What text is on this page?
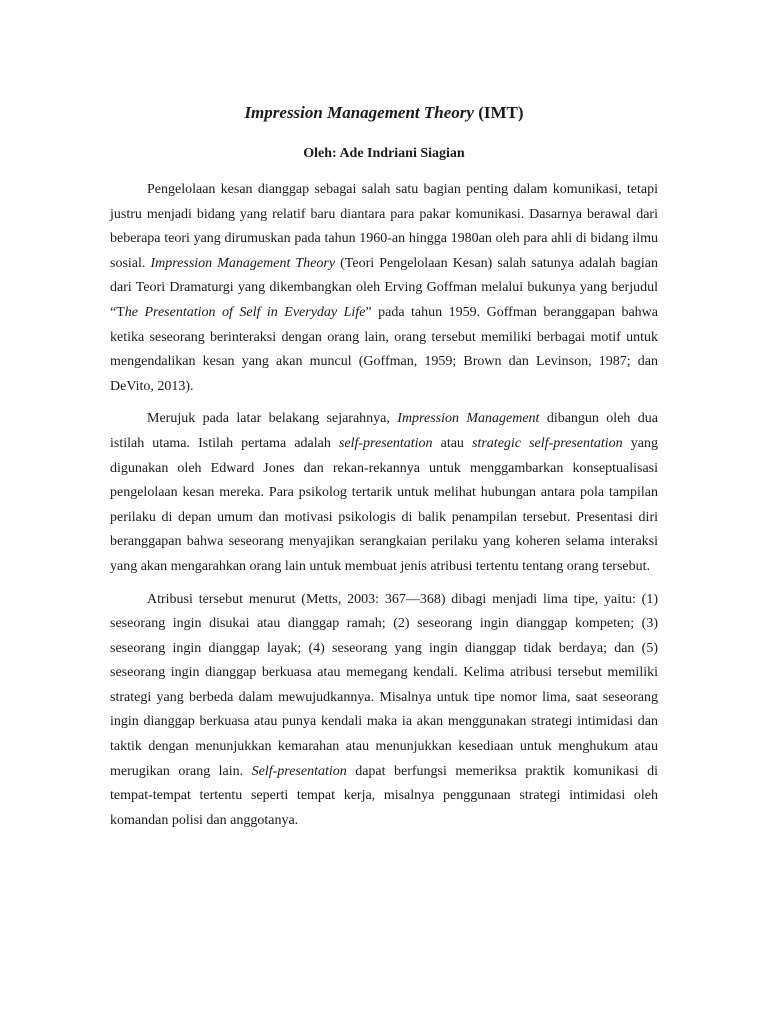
Impression Management Theory (IMT)
Oleh: Ade Indriani Siagian

Pengelolaan kesan dianggap sebagai salah satu bagian penting dalam komunikasi, tetapi justru menjadi bidang yang relatif baru diantara para pakar komunikasi. Dasarnya berawal dari beberapa teori yang dirumuskan pada tahun 1960-an hingga 1980an oleh para ahli di bidang ilmu sosial. Impression Management Theory (Teori Pengelolaan Kesan) salah satunya adalah bagian dari Teori Dramaturgi yang dikembangkan oleh Erving Goffman melalui bukunya yang berjudul “The Presentation of Self in Everyday Life” pada tahun 1959. Goffman beranggapan bahwa ketika seseorang berinteraksi dengan orang lain, orang tersebut memiliki berbagai motif untuk mengendalikan kesan yang akan muncul (Goffman, 1959; Brown dan Levinson, 1987; dan DeVito, 2013).

Merujuk pada latar belakang sejarahnya, Impression Management dibangun oleh dua istilah utama. Istilah pertama adalah self-presentation atau strategic self-presentation yang digunakan oleh Edward Jones dan rekan-rekannya untuk menggambarkan konseptualisasi pengelolaan kesan mereka. Para psikolog tertarik untuk melihat hubungan antara pola tampilan perilaku di depan umum dan motivasi psikologis di balik penampilan tersebut. Presentasi diri beranggapan bahwa seseorang menyajikan serangkaian perilaku yang koheren selama interaksi yang akan mengarahkan orang lain untuk membuat jenis atribusi tertentu tentang orang tersebut.

Atribusi tersebut menurut (Metts, 2003: 367—368) dibagi menjadi lima tipe, yaitu: (1) seseorang ingin disukai atau dianggap ramah; (2) seseorang ingin dianggap kompeten; (3) seseorang ingin dianggap layak; (4) seseorang yang ingin dianggap tidak berdaya; dan (5) seseorang ingin dianggap berkuasa atau memegang kendali. Kelima atribusi tersebut memiliki strategi yang berbeda dalam mewujudkannya. Misalnya untuk tipe nomor lima, saat seseorang ingin dianggap berkuasa atau punya kendali maka ia akan menggunakan strategi intimidasi dan taktik dengan menunjukkan kemarahan atau menunjukkan kesediaan untuk menghukum atau merugikan orang lain. Self-presentation dapat berfungsi memeriksa praktik komunikasi di tempat-tempat tertentu seperti tempat kerja, misalnya penggunaan strategi intimidasi oleh komandan polisi dan anggotanya.
